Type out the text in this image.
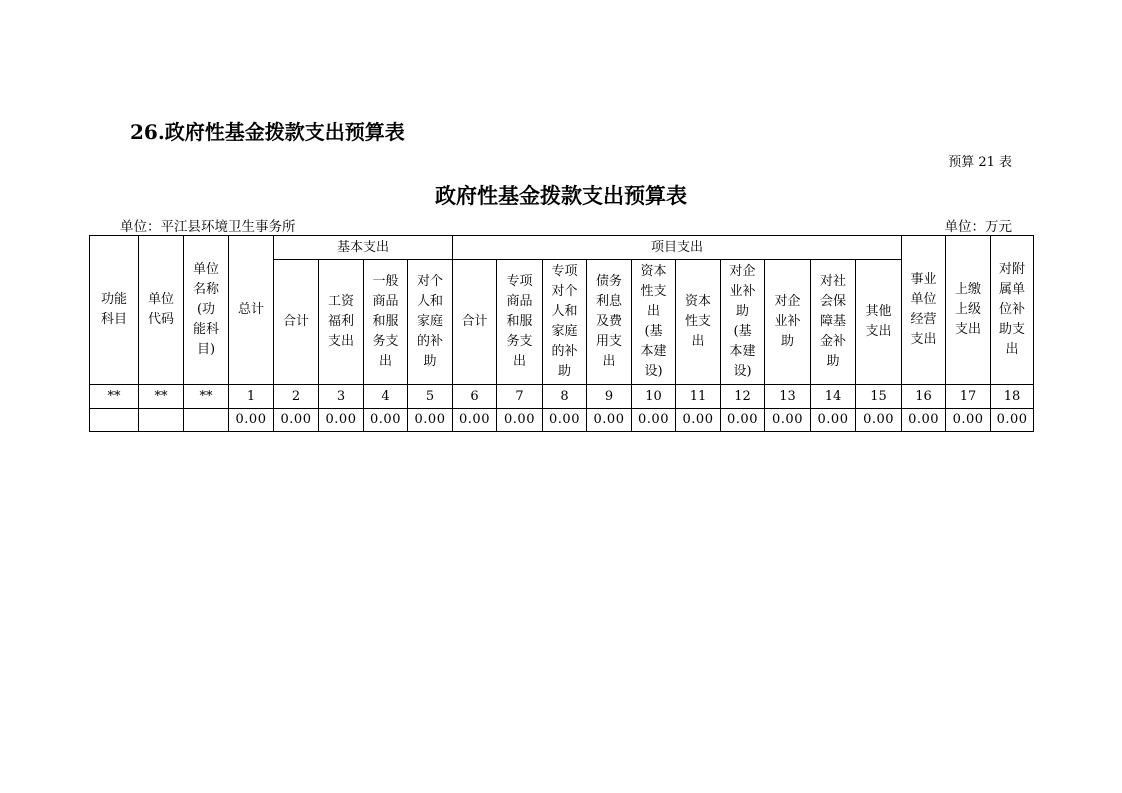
26.政府性基金拨款支出预算表
预算 21 表
政府性基金拨款支出预算表
单位：平江县环境卫生事务所	单位：万元
功能科目	单位代码	单位名称(功能科目)	总计	基本支出				项目支出										事业单位经营支出	上缴上级支出	对附属单位补助支出
				合计	工资福利支出	一般商品和服务支出	对个人和家庭的补助	合计	专项商品和服务支出	专项对个人和家庭的补助	债务利息及费用支出	资本性支出(基本建设)	资本性支出	对企业补助(基本建设)	对企业补助	对社会保障基金补助	其他支出			
**	**	**	1	2	3	4	5	6	7	8	9	10	11	12	13	14	15	16	17	18
			0.00	0.00	0.00	0.00	0.00	0.00	0.00	0.00	0.00	0.00	0.00	0.00	0.00	0.00	0.00	0.00	0.00	0.00
